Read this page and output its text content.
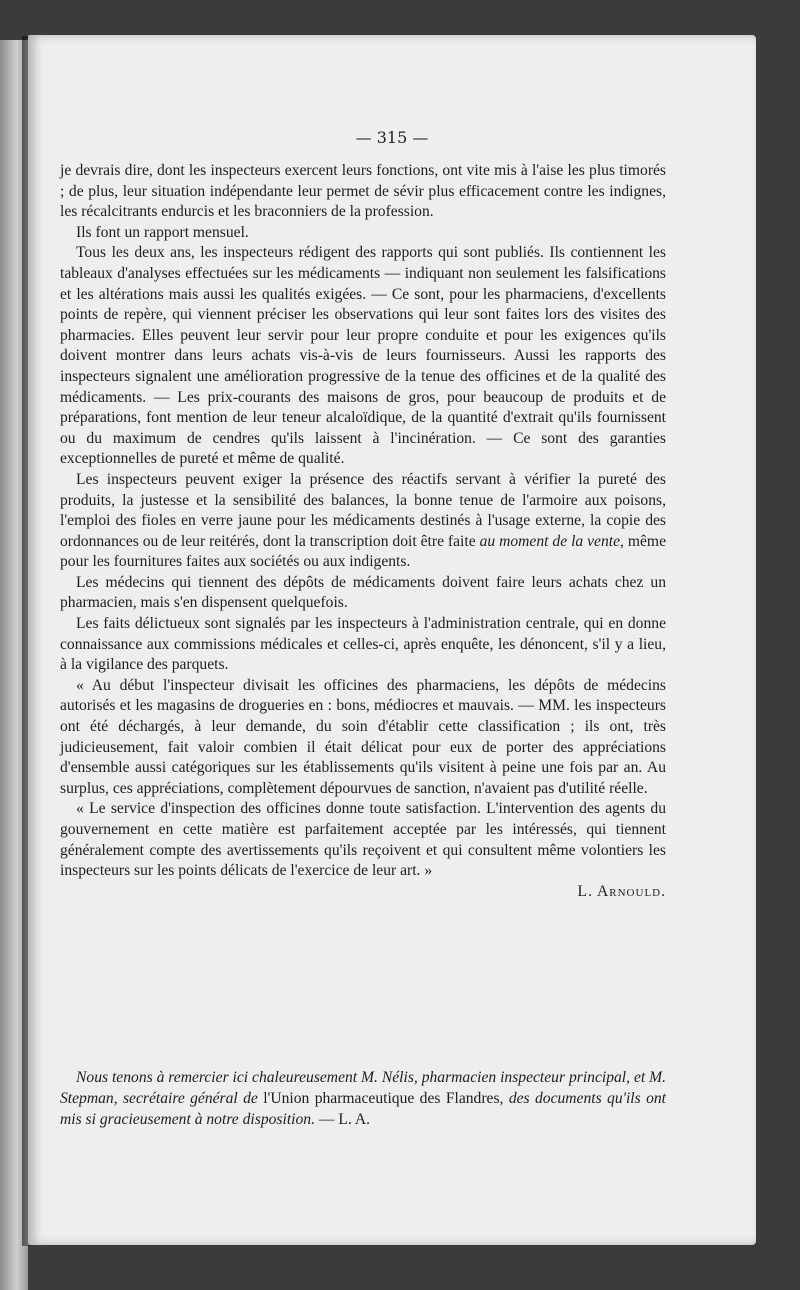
— 315 —

je devrais dire, dont les inspecteurs exercent leurs fonctions, ont vite mis à l'aise les plus timorés ; de plus, leur situation indépendante leur permet de sévir plus efficacement contre les indignes, les récalcitrants endurcis et les braconniers de la profession.

Ils font un rapport mensuel.

Tous les deux ans, les inspecteurs rédigent des rapports qui sont publiés. Ils contiennent les tableaux d'analyses effectuées sur les médicaments — indiquant non seulement les falsifications et les altérations mais aussi les qualités exigées. — Ce sont, pour les pharmaciens, d'excellents points de repère, qui viennent préciser les observations qui leur sont faites lors des visites des pharmacies. Elles peuvent leur servir pour leur propre conduite et pour les exigences qu'ils doivent montrer dans leurs achats vis-à-vis de leurs fournisseurs. Aussi les rapports des inspecteurs signalent une amélioration progressive de la tenue des officines et de la qualité des médicaments. — Les prix-courants des maisons de gros, pour beaucoup de produits et de préparations, font mention de leur teneur alcaloïdique, de la quantité d'extrait qu'ils fournissent ou du maximum de cendres qu'ils laissent à l'incinération. — Ce sont des garanties exceptionnelles de pureté et même de qualité.

Les inspecteurs peuvent exiger la présence des réactifs servant à vérifier la pureté des produits, la justesse et la sensibilité des balances, la bonne tenue de l'armoire aux poisons, l'emploi des fioles en verre jaune pour les médicaments destinés à l'usage externe, la copie des ordonnances ou de leur reitérés, dont la transcription doit être faite au moment de la vente, même pour les fournitures faites aux sociétés ou aux indigents.

Les médecins qui tiennent des dépôts de médicaments doivent faire leurs achats chez un pharmacien, mais s'en dispensent quelquefois.

Les faits délictueux sont signalés par les inspecteurs à l'administration centrale, qui en donne connaissance aux commissions médicales et celles-ci, après enquête, les dénoncent, s'il y a lieu, à la vigilance des parquets.

« Au début l'inspecteur divisait les officines des pharmaciens, les dépôts de médecins autorisés et les magasins de drogueries en : bons, médiocres et mauvais. — MM. les inspecteurs ont été déchargés, à leur demande, du soin d'établir cette classification ; ils ont, très judicieusement, fait valoir combien il était délicat pour eux de porter des appréciations d'ensemble aussi catégoriques sur les établissements qu'ils visitent à peine une fois par an. Au surplus, ces appréciations, complètement dépourvues de sanction, n'avaient pas d'utilité réelle.

« Le service d'inspection des officines donne toute satisfaction. L'intervention des agents du gouvernement en cette matière est parfaitement acceptée par les intéressés, qui tiennent généralement compte des avertissements qu'ils reçoivent et qui consultent même volontiers les inspecteurs sur les points délicats de l'exercice de leur art. »

L. Arnould.

Nous tenons à remercier ici chaleureusement M. Nélis, pharmacien inspecteur principal, et M. Stepman, secrétaire général de l'Union pharmaceutique des Flandres, des documents qu'ils ont mis si gracieusement à notre disposition. — L. A.
